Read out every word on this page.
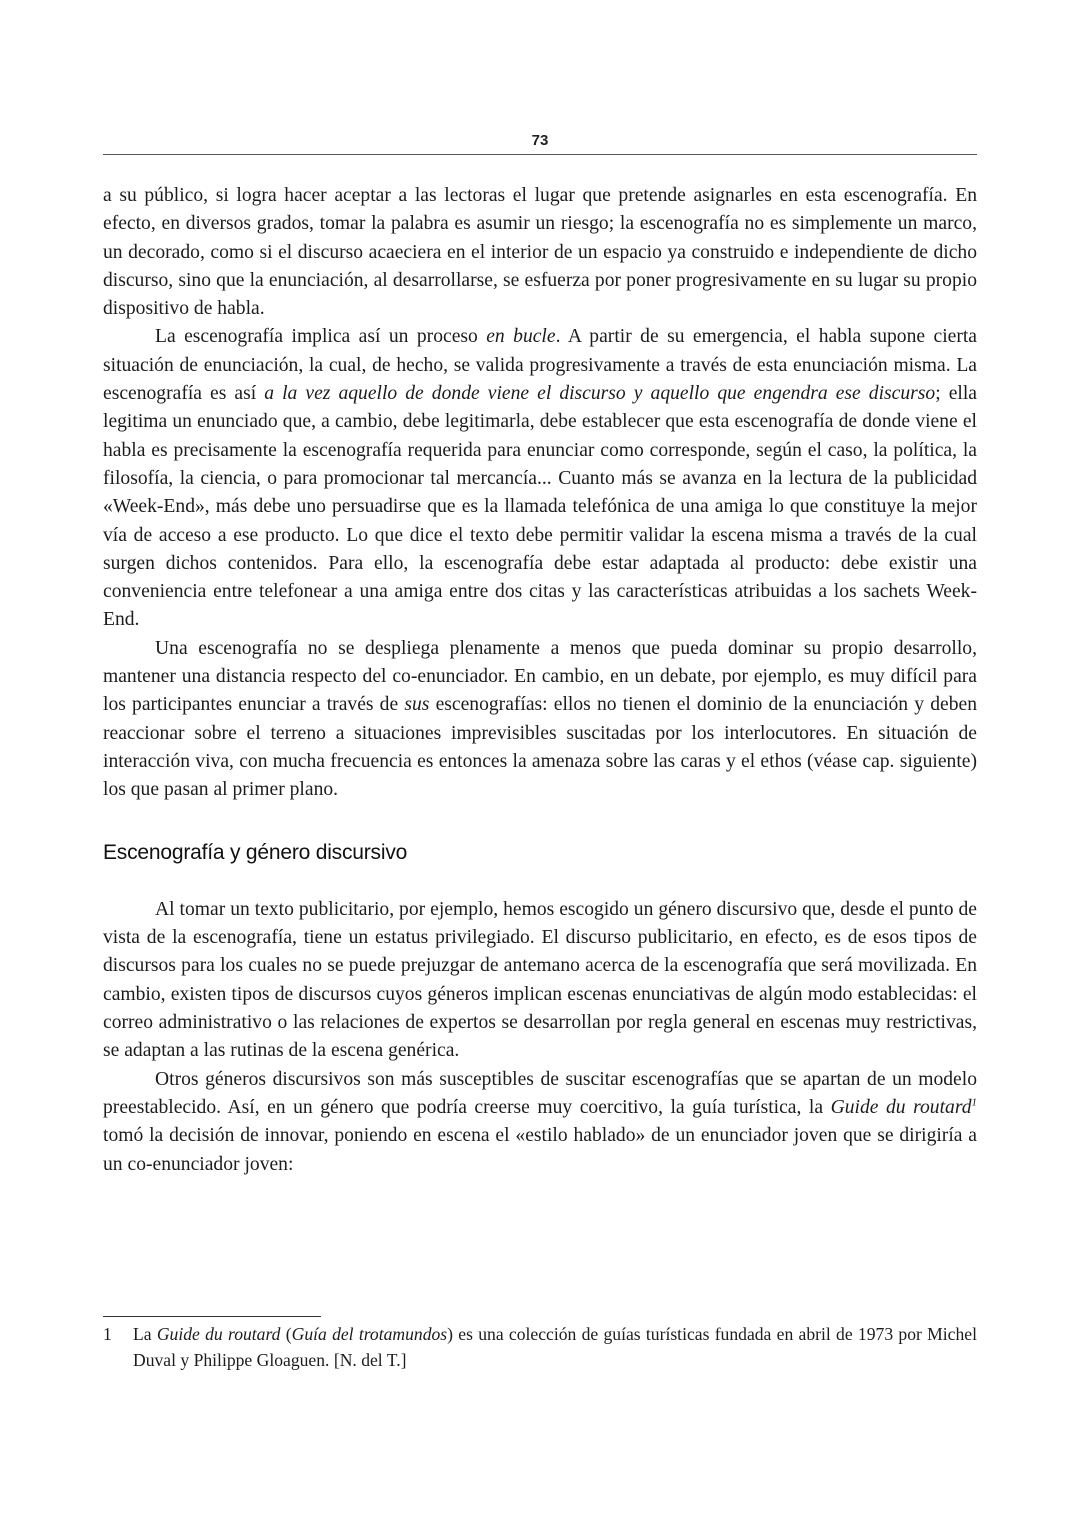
73

a su público, si logra hacer aceptar a las lectoras el lugar que pretende asignarles en esta escenografía. En efecto, en diversos grados, tomar la palabra es asumir un riesgo; la escenografía no es simplemente un marco, un decorado, como si el discurso acaeciera en el interior de un espacio ya construido e independiente de dicho discurso, sino que la enunciación, al desarrollarse, se esfuerza por poner progresivamente en su lugar su propio dispositivo de habla.

La escenografía implica así un proceso en bucle. A partir de su emergencia, el habla supone cierta situación de enunciación, la cual, de hecho, se valida progresivamente a través de esta enunciación misma. La escenografía es así a la vez aquello de donde viene el discurso y aquello que engendra ese discurso; ella legitima un enunciado que, a cambio, debe legitimarla, debe establecer que esta escenografía de donde viene el habla es precisamente la escenografía requerida para enunciar como corresponde, según el caso, la política, la filosofía, la ciencia, o para promocionar tal mercancía... Cuanto más se avanza en la lectura de la publicidad «Week-End», más debe uno persuadirse que es la llamada telefónica de una amiga lo que constituye la mejor vía de acceso a ese producto. Lo que dice el texto debe permitir validar la escena misma a través de la cual surgen dichos contenidos. Para ello, la escenografía debe estar adaptada al producto: debe existir una conveniencia entre telefonear a una amiga entre dos citas y las características atribuidas a los sachets Week-End.

Una escenografía no se despliega plenamente a menos que pueda dominar su propio desarrollo, mantener una distancia respecto del co-enunciador. En cambio, en un debate, por ejemplo, es muy difícil para los participantes enunciar a través de sus escenografías: ellos no tienen el dominio de la enunciación y deben reaccionar sobre el terreno a situaciones imprevisibles suscitadas por los interlocutores. En situación de interacción viva, con mucha frecuencia es entonces la amenaza sobre las caras y el ethos (véase cap. siguiente) los que pasan al primer plano.

Escenografía y género discursivo

Al tomar un texto publicitario, por ejemplo, hemos escogido un género discursivo que, desde el punto de vista de la escenografía, tiene un estatus privilegiado. El discurso publicitario, en efecto, es de esos tipos de discursos para los cuales no se puede prejuzgar de antemano acerca de la escenografía que será movilizada. En cambio, existen tipos de discursos cuyos géneros implican escenas enunciativas de algún modo establecidas: el correo administrativo o las relaciones de expertos se desarrollan por regla general en escenas muy restrictivas, se adaptan a las rutinas de la escena genérica.

Otros géneros discursivos son más susceptibles de suscitar escenografías que se apartan de un modelo preestablecido. Así, en un género que podría creerse muy coercitivo, la guía turística, la Guide du routard$^1$ tomó la decisión de innovar, poniendo en escena el «estilo hablado» de un enunciador joven que se dirigiría a un co-enunciador joven:

1	La Guide du routard (Guía del trotamundos) es una colección de guías turísticas fundada en abril de 1973 por Michel Duval y Philippe Gloaguen. [N. del T.]
